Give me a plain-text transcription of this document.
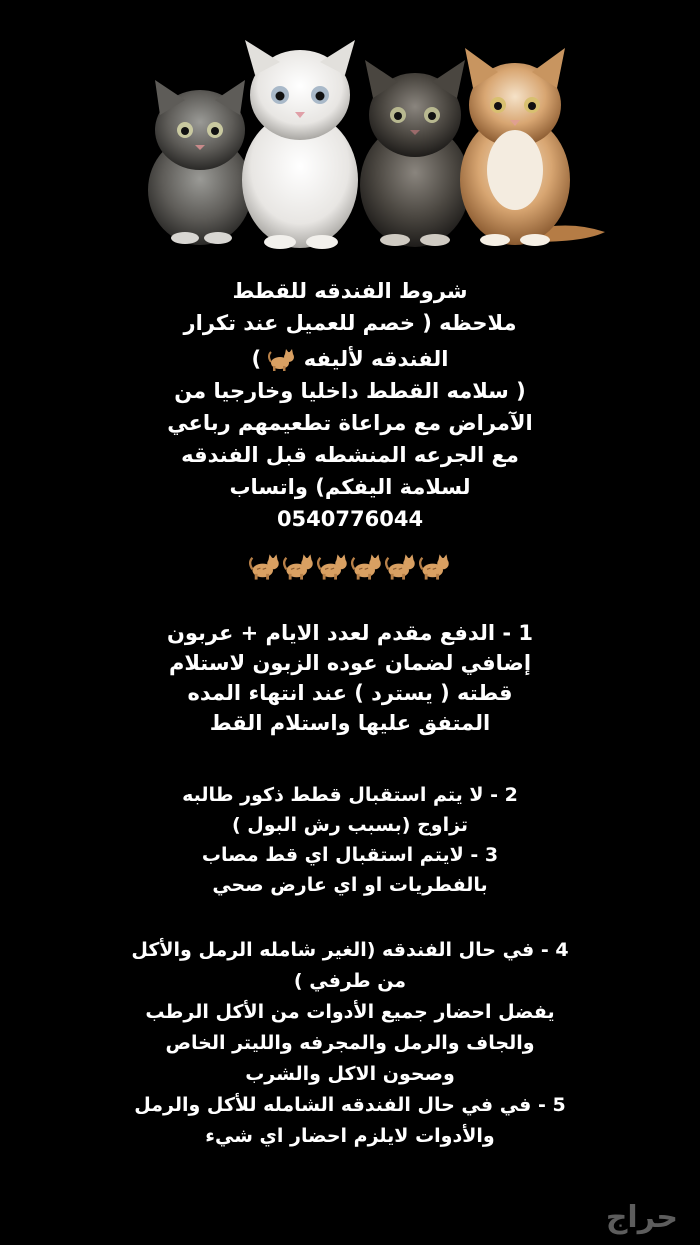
شروط الفندقه للقطط
ملاحظه ( خصم للعميل عند تكرار
الفندقه لأليفه  )
( سلامه القطط داخليا وخارجيا من
الآمراض مع مراعاة تطعيمهم رباعي
مع الجرعه المنشطه قبل الفندقه
لسلامة اليفكم) واتساب
0540776044
1 - الدفع مقدم لعدد الايام + عربون
إضافي لضمان عوده الزبون لاستلام
قطته ( يسترد ) عند انتهاء المده
المتفق عليها واستلام القط
2 - لا يتم استقبال قطط ذكور طالبه
تزاوج (بسبب رش البول )
3 - لايتم استقبال اي قط مصاب
بالفطريات او اي عارض صحي
4 - في حال الفندقه (الغير شامله الرمل والأكل
من طرفي )
يفضل احضار جميع الأدوات من الأكل الرطب
والجاف والرمل والمجرفه والليتر الخاص
وصحون الاكل والشرب
5 - في في حال الفندقه الشامله للأكل والرمل
والأدوات لايلزم احضار اي شيء
حراج
